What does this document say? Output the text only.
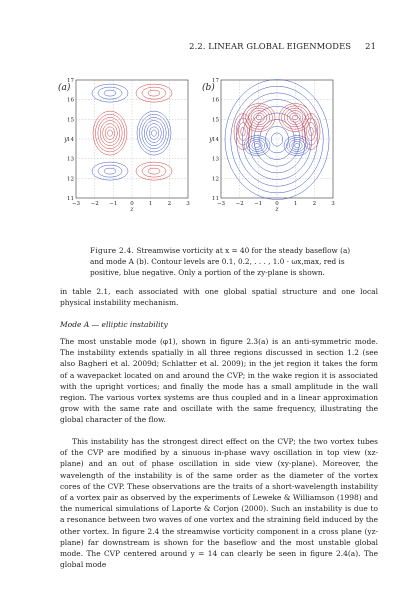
2.2. LINEAR GLOBAL EIGENMODES 21
(a)
−3 −2 −1 0	1	2	3
11
12
13
14
15
16
17
z
y
(b)
−3 −2 −1 0	1	2	3
11
12
13
14
15
16
17
z
y
Figure 2.4. Streamwise vorticity at x = 40 for the steady baseflow (a) and mode A (b). Contour levels are 0.1, 0.2, . . . , 1.0 · ωx,max, red is positive, blue negative. Only a portion of the zy-plane is shown.

in table 2.1, each associated with one global spatial structure and one local physical instability mechanism.

Mode A — elliptic instability

The most unstable mode (φ1), shown in figure 2.3(a) is an anti-symmetric mode. The instability extends spatially in all three regions discussed in section 1.2 (see also Bagheri et al. 2009d; Schlatter et al. 2009); in the jet region it takes the form of a wavepacket located on and around the CVP; in the wake region it is associated with the upright vortices; and finally the mode has a small amplitude in the wall region. The various vortex systems are thus coupled and in a linear approximation grow with the same rate and oscillate with the same frequency, illustrating the global character of the flow.

This instability has the strongest direct effect on the CVP; the two vortex tubes of the CVP are modified by a sinuous in-phase wavy oscillation in top view (xz-plane) and an out of phase oscillation in side view (xy-plane). Moreover, the wavelength of the instability is of the same order as the diameter of the vortex cores of the CVP. These observations are the traits of a short-wavelength instability of a vortex pair as observed by the experiments of Leweke & Williamson (1998) and the numerical simulations of Laporte & Corjon (2000). Such an instability is due to a resonance between two waves of one vortex and the straining field induced by the other vortex. In figure 2.4 the streamwise vorticity component in a cross plane (yz-plane) far downstream is shown for the baseflow and the most unstable global mode. The CVP centered around y = 14 can clearly be seen in figure 2.4(a). The global mode
